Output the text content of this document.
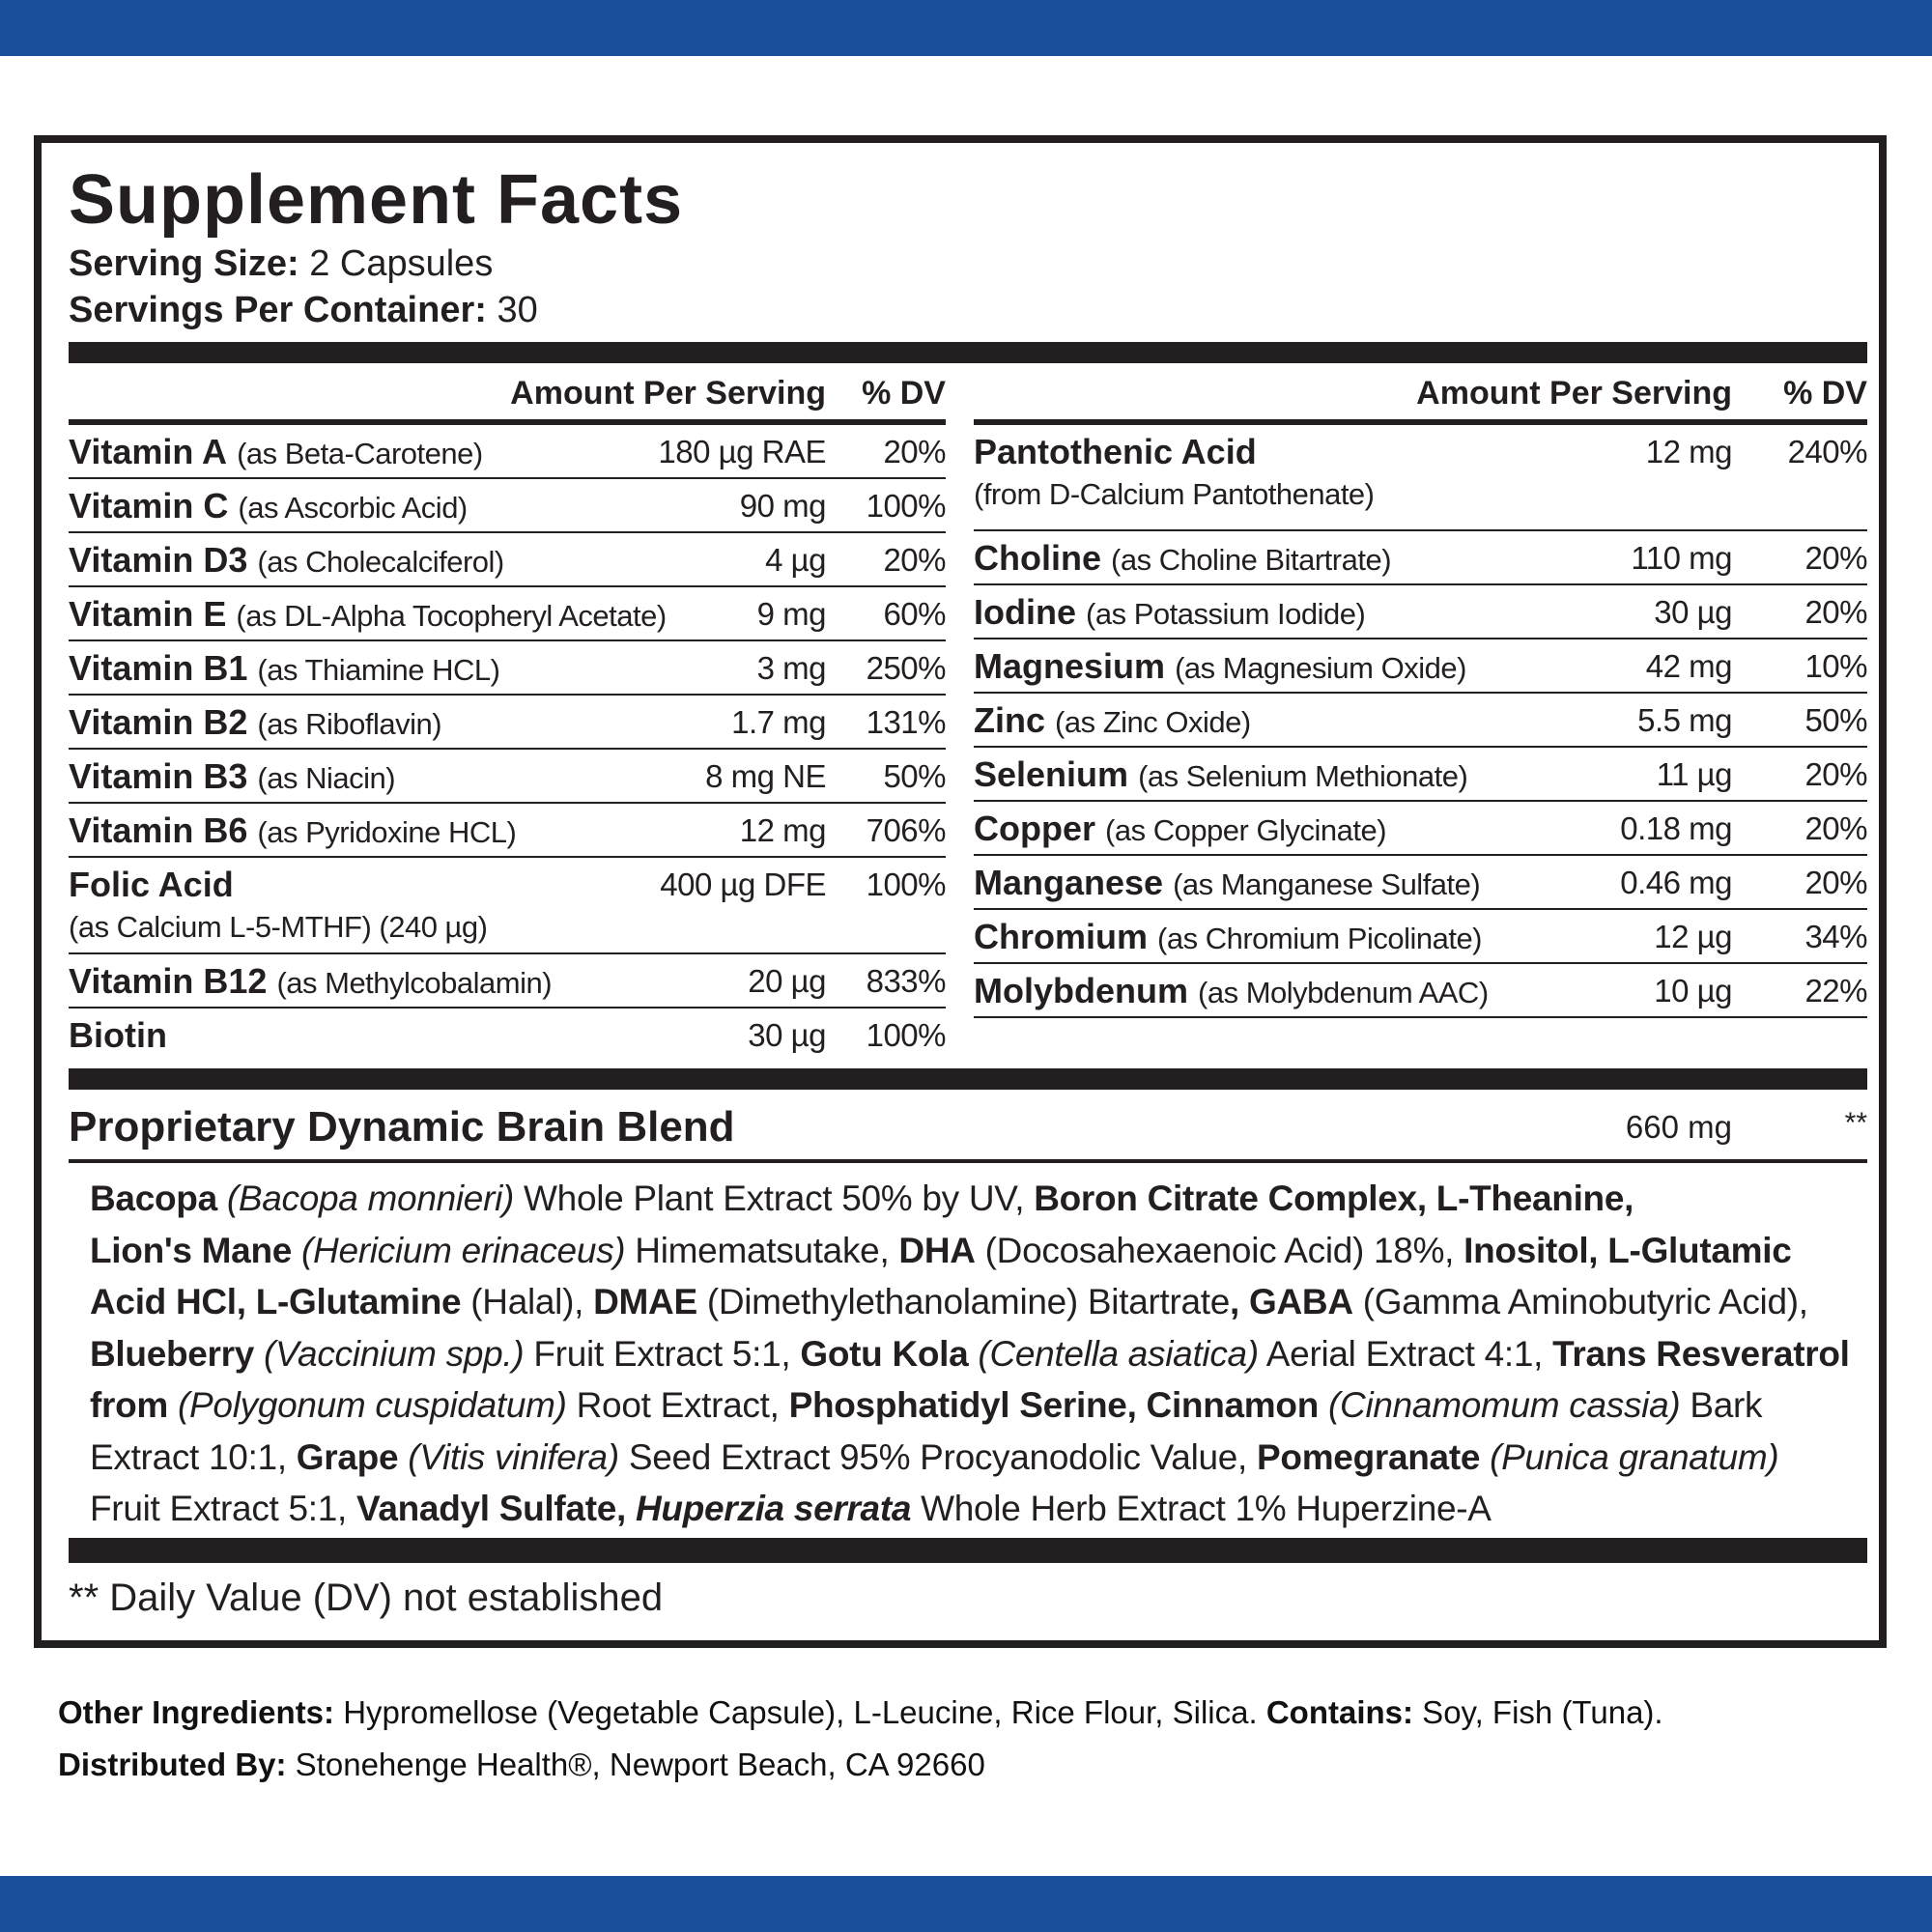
Supplement Facts
Serving Size: 2 Capsules
Servings Per Container: 30
Amount Per Serving % DV
Vitamin A (as Beta-Carotene)	180 µg RAE 20%
Vitamin C (as Ascorbic Acid)	90 mg 100%
Vitamin D3 (as Cholecalciferol)	4 µg 20%
Vitamin E (as DL-Alpha Tocopheryl Acetate)	9 mg 60%
Vitamin B1 (as Thiamine HCL)	3 mg 250%
Vitamin B2 (as Riboflavin)	1.7 mg 131%
Vitamin B3 (as Niacin)	8 mg NE 50%
Vitamin B6 (as Pyridoxine HCL)	12 mg 706%
Folic Acid
(as Calcium L-5-MTHF) (240 µg)
400 µg DFE 100%
Vitamin B12 (as Methylcobalamin)	20 µg 833%
Biotin	30 µg 100%
Amount Per Serving % DV
Pantothenic Acid
(from D-Calcium Pantothenate)
12 mg 240%
Choline (as Choline Bitartrate)	110 mg 20%
Iodine (as Potassium Iodide)	30 µg 20%
Magnesium (as Magnesium Oxide)	42 mg 10%
Zinc (as Zinc Oxide)	5.5 mg 50%
Selenium (as Selenium Methionate)	11 µg 20%
Copper (as Copper Glycinate)	0.18 mg 20%
Manganese (as Manganese Sulfate)	0.46 mg 20%
Chromium (as Chromium Picolinate)	12 µg 34%
Molybdenum (as Molybdenum AAC)	10 µg 22%
Proprietary Dynamic Brain Blend	660 mg	**
Bacopa (Bacopa monnieri) Whole Plant Extract 50% by UV, Boron Citrate Complex, L-Theanine,
Lion's Mane (Hericium erinaceus) Himematsutake, DHA (Docosahexaenoic Acid) 18%, Inositol, L-Glutamic
Acid HCl, L-Glutamine (Halal), DMAE (Dimethylethanolamine) Bitartrate, GABA (Gamma Aminobutyric Acid),
Blueberry (Vaccinium spp.) Fruit Extract 5:1, Gotu Kola (Centella asiatica) Aerial Extract 4:1, Trans Resveratrol
from (Polygonum cuspidatum) Root Extract, Phosphatidyl Serine, Cinnamon (Cinnamomum cassia) Bark
Extract 10:1, Grape (Vitis vinifera) Seed Extract 95% Procyanodolic Value, Pomegranate (Punica granatum)
Fruit Extract 5:1, Vanadyl Sulfate, Huperzia serrata Whole Herb Extract 1% Huperzine-A
** Daily Value (DV) not established
Other Ingredients: Hypromellose (Vegetable Capsule), L-Leucine, Rice Flour, Silica. Contains: Soy, Fish (Tuna).
Distributed By: Stonehenge Health®, Newport Beach, CA 92660
